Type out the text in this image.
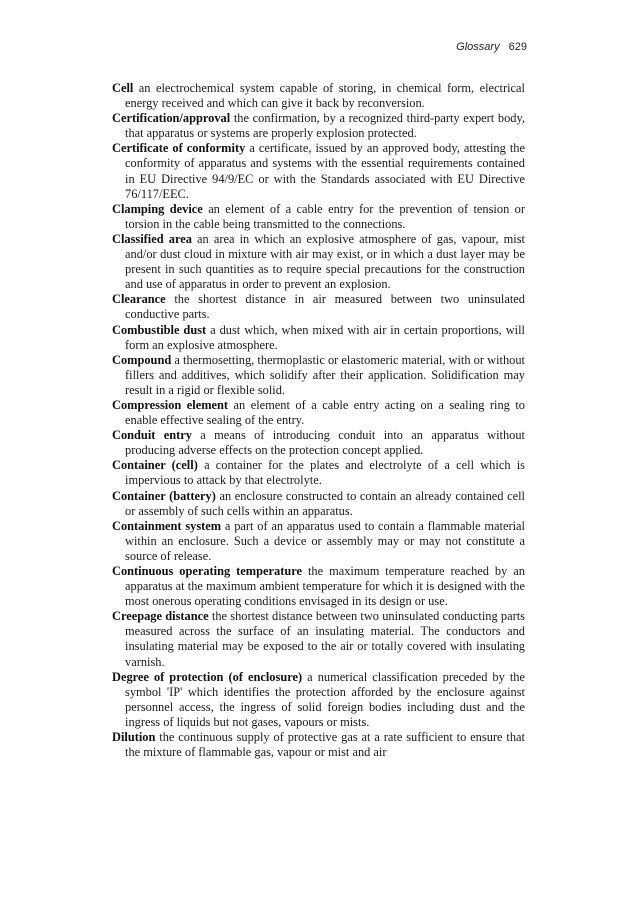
Glossary 629

Cell an electrochemical system capable of storing, in chemical form, electrical energy received and which can give it back by reconversion.

Certification/approval the confirmation, by a recognized third-party expert body, that apparatus or systems are properly explosion protected.

Certificate of conformity a certificate, issued by an approved body, attesting the conformity of apparatus and systems with the essential requirements contained in EU Directive 94/9/EC or with the Standards associated with EU Directive 76/117/EEC.

Clamping device an element of a cable entry for the prevention of tension or torsion in the cable being transmitted to the connections.

Classified area an area in which an explosive atmosphere of gas, vapour, mist and/or dust cloud in mixture with air may exist, or in which a dust layer may be present in such quantities as to require special precautions for the construction and use of apparatus in order to prevent an explosion.

Clearance the shortest distance in air measured between two uninsulated conductive parts.

Combustible dust a dust which, when mixed with air in certain proportions, will form an explosive atmosphere.

Compound a thermosetting, thermoplastic or elastomeric material, with or without fillers and additives, which solidify after their application. Solidification may result in a rigid or flexible solid.

Compression element an element of a cable entry acting on a sealing ring to enable effective sealing of the entry.

Conduit entry a means of introducing conduit into an apparatus without producing adverse effects on the protection concept applied.

Container (cell) a container for the plates and electrolyte of a cell which is impervious to attack by that electrolyte.

Container (battery) an enclosure constructed to contain an already contained cell or assembly of such cells within an apparatus.

Containment system a part of an apparatus used to contain a flammable material within an enclosure. Such a device or assembly may or may not constitute a source of release.

Continuous operating temperature the maximum temperature reached by an apparatus at the maximum ambient temperature for which it is designed with the most onerous operating conditions envisaged in its design or use.

Creepage distance the shortest distance between two uninsulated conducting parts measured across the surface of an insulating material. The conductors and insulating material may be exposed to the air or totally covered with insulating varnish.

Degree of protection (of enclosure) a numerical classification preceded by the symbol 'IP' which identifies the protection afforded by the enclosure against personnel access, the ingress of solid foreign bodies including dust and the ingress of liquids but not gases, vapours or mists.

Dilution the continuous supply of protective gas at a rate sufficient to ensure that the mixture of flammable gas, vapour or mist and air
